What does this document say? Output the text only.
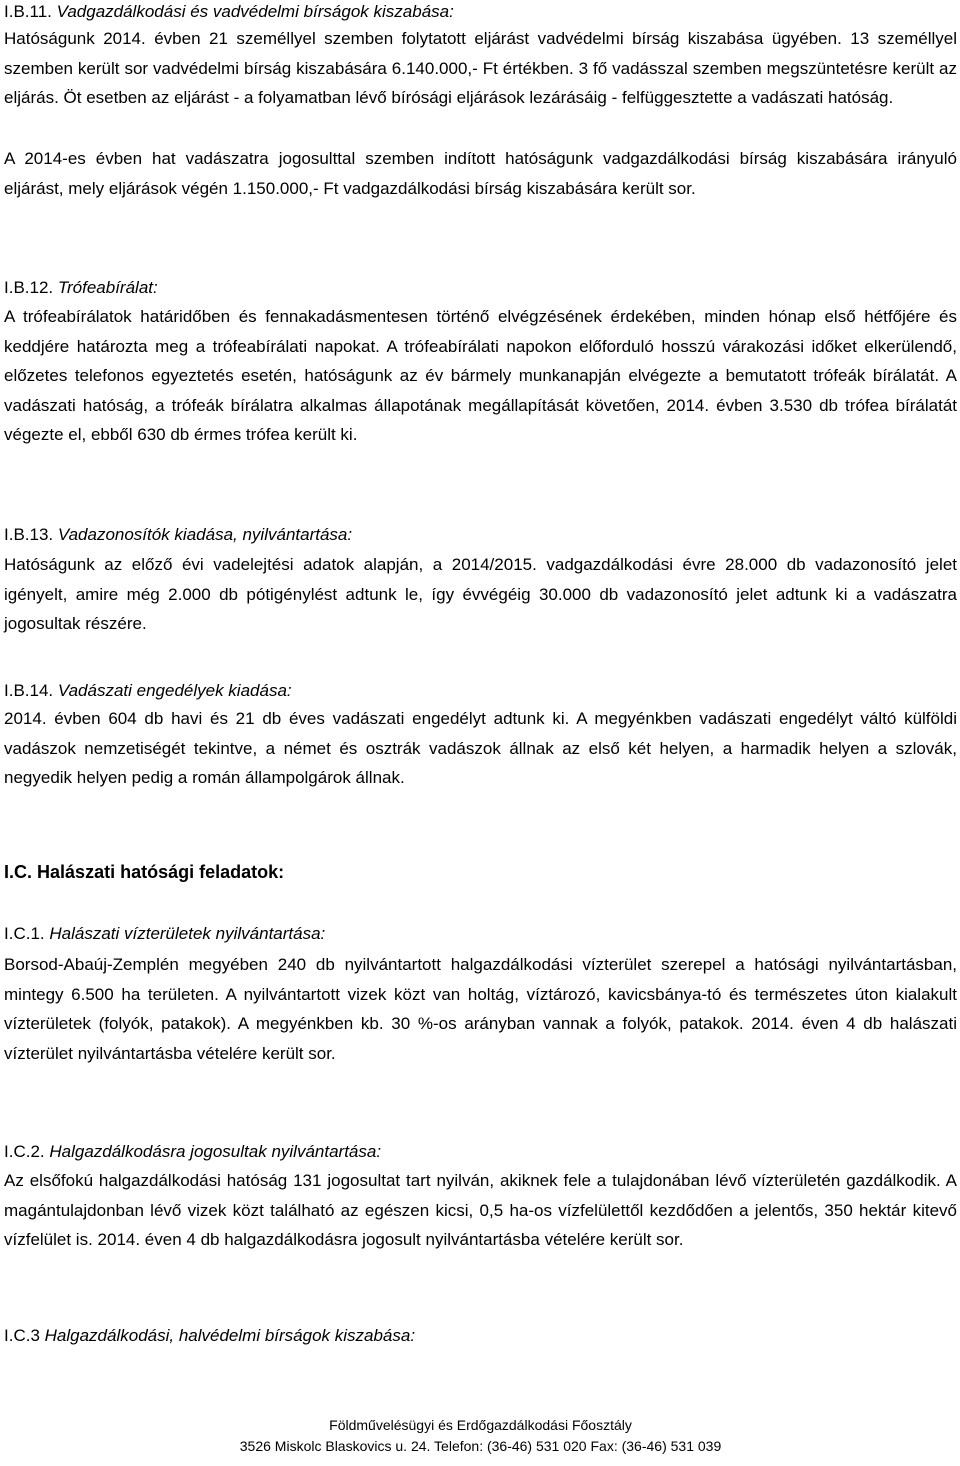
I.B.11. Vadgazdálkodási és vadvédelmi bírságok kiszabása:

Hatóságunk 2014. évben 21 személlyel szemben folytatott eljárást vadvédelmi bírság kiszabása ügyében. 13 személlyel szemben került sor vadvédelmi bírság kiszabására 6.140.000,- Ft értékben. 3 fő vadásszal szemben megszüntetésre került az eljárás. Öt esetben az eljárást - a folyamatban lévő bírósági eljárások lezárásáig - felfüggesztette a vadászati hatóság.

A 2014-es évben hat vadászatra jogosulttal szemben indított hatóságunk vadgazdálkodási bírság kiszabására irányuló eljárást, mely eljárások végén 1.150.000,- Ft vadgazdálkodási bírság kiszabására került sor.

I.B.12. Trófeabírálat:

A trófeabírálatok határidőben és fennakadásmentesen történő elvégzésének érdekében, minden hónap első hétfőjére és keddjére határozta meg a trófeabírálati napokat. A trófeabírálati napokon előforduló hosszú várakozási időket elkerülendő, előzetes telefonos egyeztetés esetén, hatóságunk az év bármely munkanapján elvégezte a bemutatott trófeák bírálatát. A vadászati hatóság, a trófeák bírálatra alkalmas állapotának megállapítását követően, 2014. évben 3.530 db trófea bírálatát végezte el, ebből 630 db érmes trófea került ki.

I.B.13. Vadazonosítók kiadása, nyilvántartása:

Hatóságunk az előző évi vadelejtési adatok alapján, a 2014/2015. vadgazdálkodási évre 28.000 db vadazonosító jelet igényelt, amire még 2.000 db pótigénylést adtunk le, így évvégéig 30.000 db vadazonosító jelet adtunk ki a vadászatra jogosultak részére.

I.B.14. Vadászati engedélyek kiadása:

2014. évben 604 db havi és 21 db éves vadászati engedélyt adtunk ki. A megyénkben vadászati engedélyt váltó külföldi vadászok nemzetiségét tekintve, a német és osztrák vadászok állnak az első két helyen, a harmadik helyen a szlovák, negyedik helyen pedig a román állampolgárok állnak.

I.C. Halászati hatósági feladatok:
I.C.1. Halászati vízterületek nyilvántartása:

Borsod-Abaúj-Zemplén megyében 240 db nyilvántartott halgazdálkodási vízterület szerepel a hatósági nyilvántartásban, mintegy 6.500 ha területen. A nyilvántartott vizek közt van holtág, víztározó, kavicsbánya-tó és természetes úton kialakult vízterületek (folyók, patakok). A megyénkben kb. 30 %-os arányban vannak a folyók, patakok. 2014. éven 4 db halászati vízterület nyilvántartásba vételére került sor.

I.C.2. Halgazdálkodásra jogosultak nyilvántartása:

Az elsőfokú halgazdálkodási hatóság 131 jogosultat tart nyilván, akiknek fele a tulajdonában lévő vízterületén gazdálkodik. A magántulajdonban lévő vizek közt található az egészen kicsi, 0,5 ha-os vízfelülettől kezdődően a jelentős, 350 hektár kitevő vízfelület is. 2014. éven 4 db halgazdálkodásra jogosult nyilvántartásba vételére került sor.

I.C.3 Halgazdálkodási, halvédelmi bírságok kiszabása:
Földművelésügyi és Erdőgazdálkodási Főosztály
3526 Miskolc Blaskovics u. 24. Telefon: (36-46) 531 020 Fax: (36-46) 531 039
